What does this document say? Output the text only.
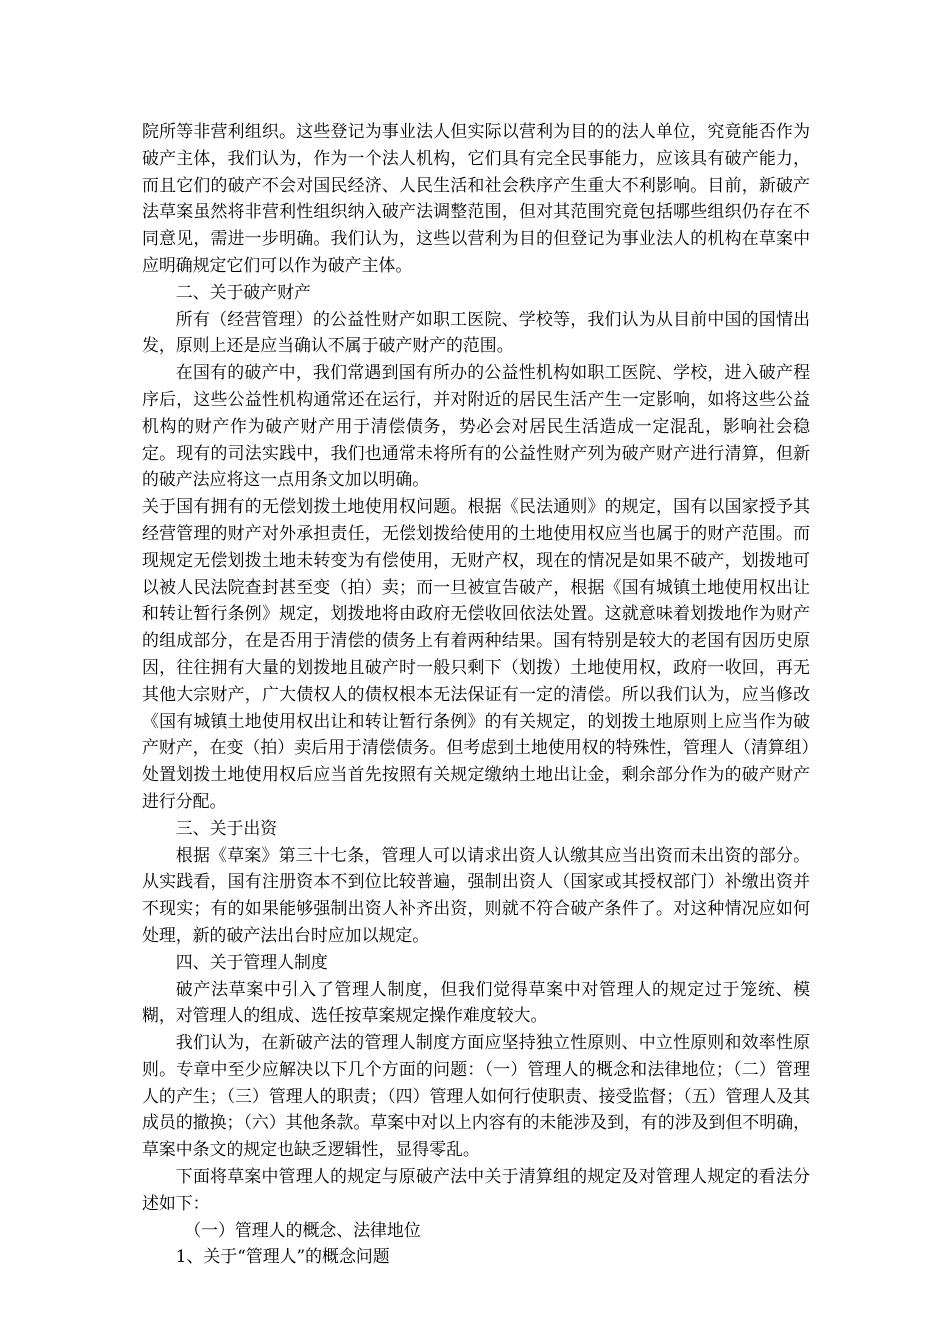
院所等非营利组织。这些登记为事业法人但实际以营利为目的的法人单位，究竟能否作为破产主体，我们认为，作为一个法人机构，它们具有完全民事能力，应该具有破产能力，而且它们的破产不会对国民经济、人民生活和社会秩序产生重大不利影响。目前，新破产法草案虽然将非营利性组织纳入破产法调整范围，但对其范围究竟包括哪些组织仍存在不同意见，需进一步明确。我们认为，这些以营利为目的但登记为事业法人的机构在草案中应明确规定它们可以作为破产主体。

二、关于破产财产

所有（经营管理）的公益性财产如职工医院、学校等，我们认为从目前中国的国情出发，原则上还是应当确认不属于破产财产的范围。

在国有的破产中，我们常遇到国有所办的公益性机构如职工医院、学校，进入破产程序后，这些公益性机构通常还在运行，并对附近的居民生活产生一定影响，如将这些公益机构的财产作为破产财产用于清偿债务，势必会对居民生活造成一定混乱，影响社会稳定。现有的司法实践中，我们也通常未将所有的公益性财产列为破产财产进行清算，但新的破产法应将这一点用条文加以明确。

关于国有拥有的无偿划拨土地使用权问题。根据《民法通则》的规定，国有以国家授予其经营管理的财产对外承担责任，无偿划拨给使用的土地使用权应当也属于的财产范围。而现规定无偿划拨土地未转变为有偿使用，无财产权，现在的情况是如果不破产，划拨地可以被人民法院查封甚至变（拍）卖；而一旦被宣告破产，根据《国有城镇土地使用权出让和转让暂行条例》规定，划拨地将由政府无偿收回依法处置。这就意味着划拨地作为财产的组成部分，在是否用于清偿的债务上有着两种结果。国有特别是较大的老国有因历史原因，往往拥有大量的划拨地且破产时一般只剩下（划拨）土地使用权，政府一收回，再无其他大宗财产，广大债权人的债权根本无法保证有一定的清偿。所以我们认为，应当修改《国有城镇土地使用权出让和转让暂行条例》的有关规定，的划拨土地原则上应当作为破产财产，在变（拍）卖后用于清偿债务。但考虑到土地使用权的特殊性，管理人（清算组）处置划拨土地使用权后应当首先按照有关规定缴纳土地出让金，剩余部分作为的破产财产进行分配。

三、关于出资

根据《草案》第三十七条，管理人可以请求出资人认缴其应当出资而未出资的部分。从实践看，国有注册资本不到位比较普遍，强制出资人（国家或其授权部门）补缴出资并不现实；有的如果能够强制出资人补齐出资，则就不符合破产条件了。对这种情况应如何处理，新的破产法出台时应加以规定。

四、关于管理人制度

破产法草案中引入了管理人制度，但我们觉得草案中对管理人的规定过于笼统、模糊，对管理人的组成、选任按草案规定操作难度较大。

我们认为，在新破产法的管理人制度方面应坚持独立性原则、中立性原则和效率性原则。专章中至少应解决以下几个方面的问题：（一）管理人的概念和法律地位；（二）管理人的产生；（三）管理人的职责；（四）管理人如何行使职责、接受监督；（五）管理人及其成员的撤换；（六）其他条款。草案中对以上内容有的未能涉及到，有的涉及到但不明确，草案中条文的规定也缺乏逻辑性，显得零乱。

下面将草案中管理人的规定与原破产法中关于清算组的规定及对管理人规定的看法分述如下：

（一）管理人的概念、法律地位

1、关于“管理人”的概念问题
